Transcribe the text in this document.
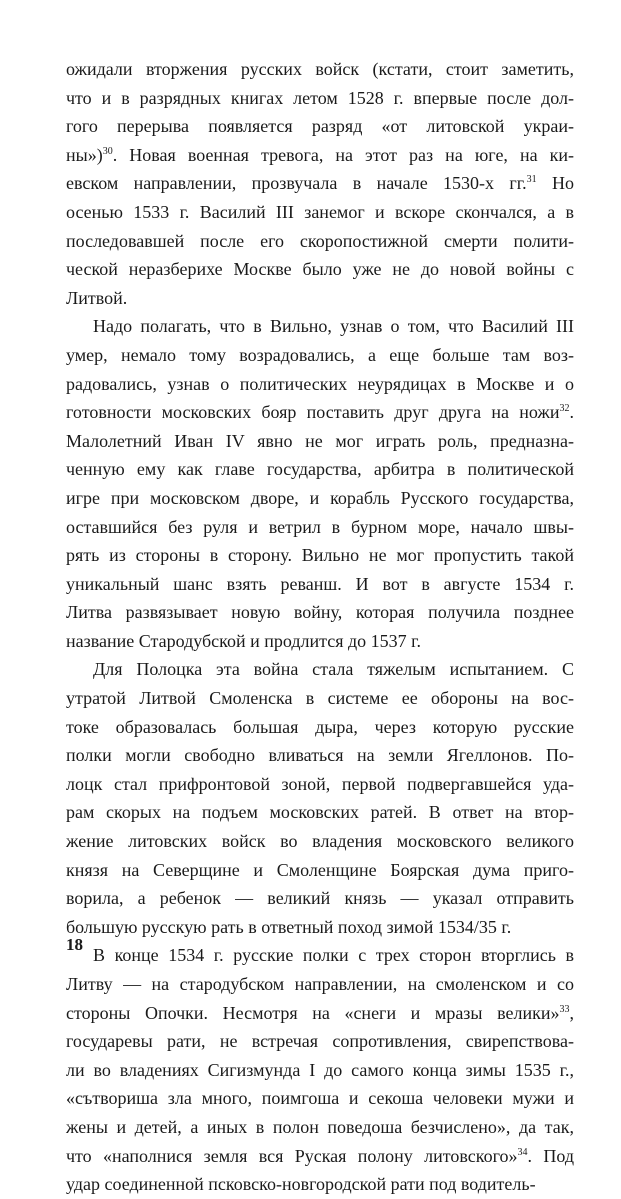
ожидали вторжения русских войск (кстати, стоит заметить,
что и в разрядных книгах летом 1528 г. впервые после дол-
гого перерыва появляется разряд «от литовской украи-
ны»)$^{30}$. Новая военная тревога, на этот раз на юге, на ки-
евском направлении, прозвучала в начале 1530-х гг.$^{31}$ Но
осенью 1533 г. Василий III занемог и вскоре скончался, а в
последовавшей после его скоропостижной смерти полити-
ческой неразберихе Москве было уже не до новой войны с
Литвой.
Надо полагать, что в Вильно, узнав о том, что Василий III
умер, немало тому возрадовались, а еще больше там воз-
радовались, узнав о политических неурядицах в Москве и о
готовности московских бояр поставить друг друга на ножи$^{32}$.
Малолетний Иван IV явно не мог играть роль, предназна-
ченную ему как главе государства, арбитра в политической
игре при московском дворе, и корабль Русского государства,
оставшийся без руля и ветрил в бурном море, начало швы-
рять из стороны в сторону. Вильно не мог пропустить такой
уникальный шанс взять реванш. И вот в августе 1534 г.
Литва развязывает новую войну, которая получила позднее
название Стародубской и продлится до 1537 г.
Для Полоцка эта война стала тяжелым испытанием. С
утратой Литвой Смоленска в системе ее обороны на вос-
токе образовалась большая дыра, через которую русские
полки могли свободно вливаться на земли Ягеллонов. По-
лоцк стал прифронтовой зоной, первой подвергавшейся уда-
рам скорых на подъем московских ратей. В ответ на втор-
жение литовских войск во владения московского великого
князя на Северщине и Смоленщине Боярская дума приго-
ворила, а ребенок — великий князь — указал отправить
большую русскую рать в ответный поход зимой 1534/35 г.
В конце 1534 г. русские полки с трех сторон вторглись в
Литву — на стародубском направлении, на смоленском и со
стороны Опочки. Несмотря на «снеги и мразы велики»$^{33}$,
государевы рати, не встречая сопротивления, свирепствова-
ли во владениях Сигизмунда I до самого конца зимы 1535 г.,
«сътвориша зла много, поимгоша и секоша человеки мужи и
жены и детей, а иных в полон поведоша безчислено», да так,
что «наполнися земля вся Руская полону литовского»$^{34}$. Под
удар соединенной псковско-новгородской рати под водитель-
18
